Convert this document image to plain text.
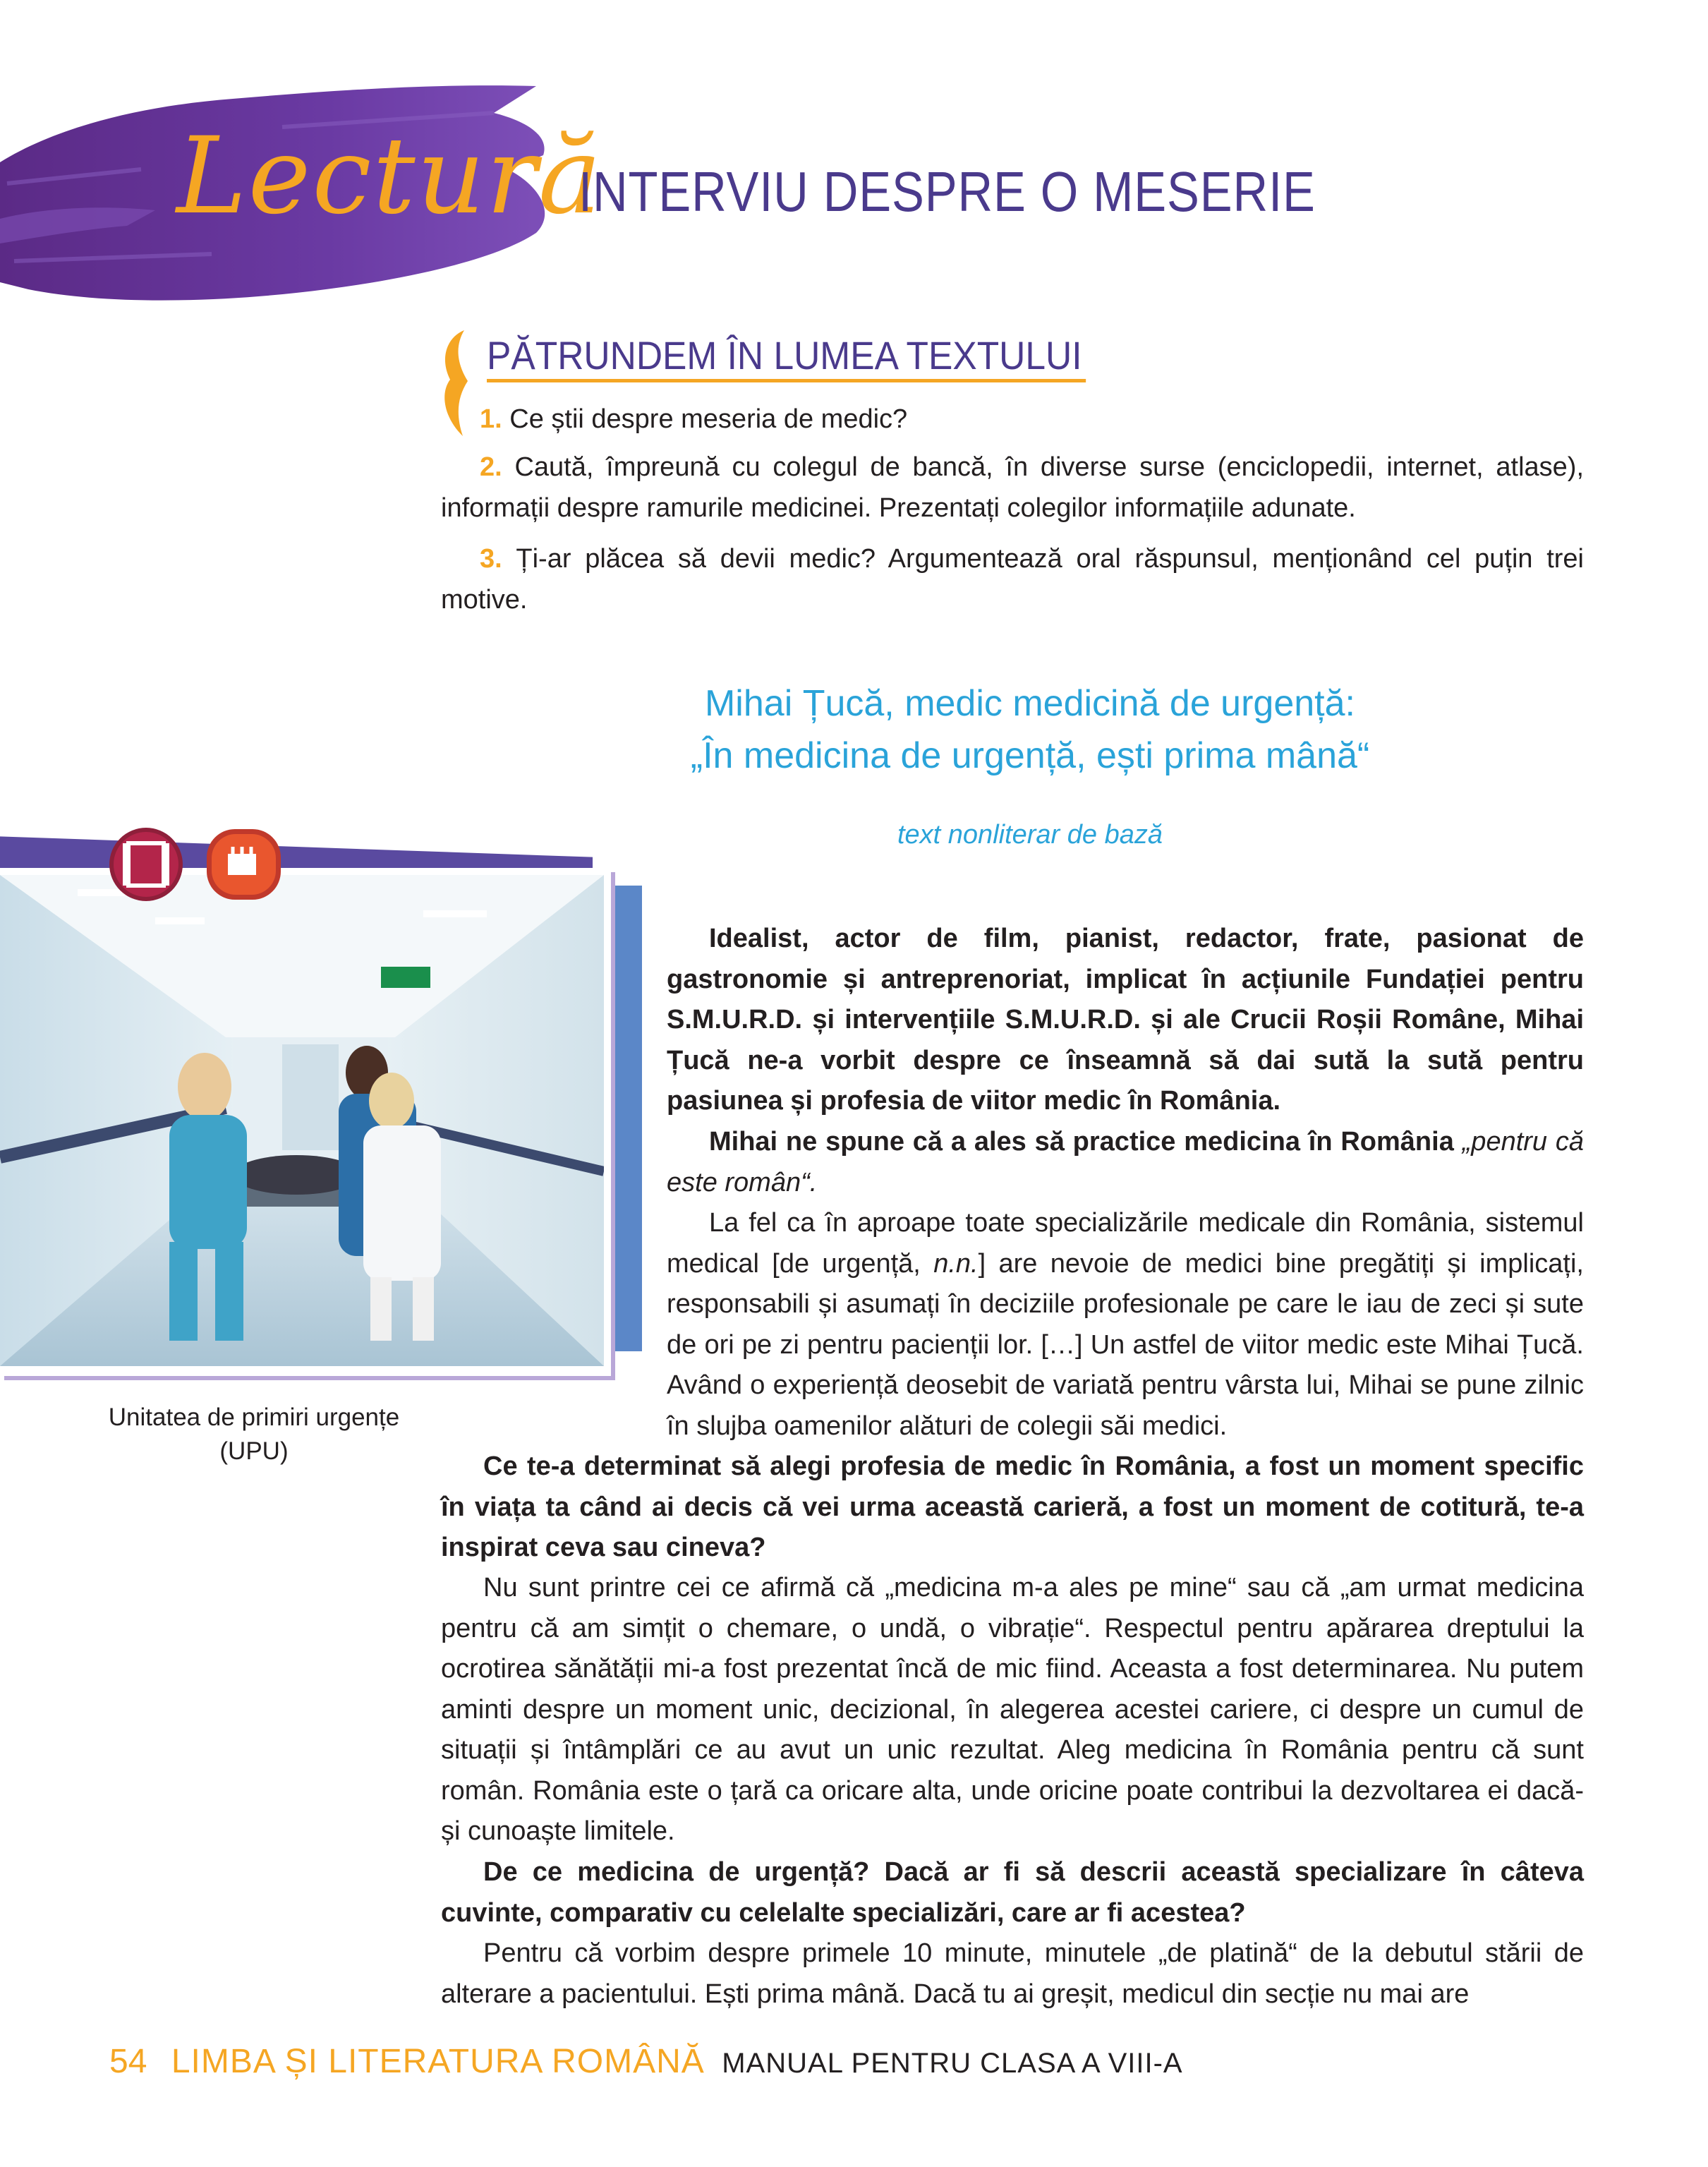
Lectură
INTERVIU DESPRE O MESERIE
PĂTRUNDEM ÎN LUMEA TEXTULUI
1. Ce știi despre meseria de medic?
2. Caută, împreună cu colegul de bancă, în diverse surse (enciclopedii, internet, atlase), informații despre ramurile medicinei. Prezentați colegilor informațiile adunate.
3. Ți-ar plăcea să devii medic? Argumentează oral răspunsul, menționând cel puțin trei motive.
Mihai Țucă, medic medicină de urgență:
„În medicina de urgență, ești prima mână“
text nonliterar de bază
Unitatea de primiri urgențe
(UPU)
Idealist, actor de film, pianist, redactor, frate, pasionat de gastronomie și antreprenoriat, implicat în acțiunile Fundației pentru S.M.U.R.D. și intervențiile S.M.U.R.D. și ale Crucii Roșii Române, Mihai Țucă ne-a vorbit despre ce înseamnă să dai sută la sută pentru pasiunea și profesia de viitor medic în România.
Mihai ne spune că a ales să practice medicina în România „pentru că este român“.
La fel ca în aproape toate specializările medicale din România, sistemul medical [de urgență, n.n.] are nevoie de medici bine pregătiți și implicați, responsabili și asumați în deciziile profesionale pe care le iau de zeci și sute de ori pe zi pentru pacienții lor. […] Un astfel de viitor medic este Mihai Țucă. Având o experiență deosebit de variată pentru vârsta lui, Mihai se pune zilnic în slujba oamenilor alături de colegii săi medici.
Ce te-a determinat să alegi profesia de medic în România, a fost un moment specific în viața ta când ai decis că vei urma această carieră, a fost un moment de cotitură, te-a inspirat ceva sau cineva?
Nu sunt printre cei ce afirmă că „medicina m-a ales pe mine“ sau că „am urmat medicina pentru că am simțit o chemare, o undă, o vibrație“. Respectul pentru apărarea dreptului la ocrotirea sănătății mi-a fost prezentat încă de mic fiind. Aceasta a fost determinarea. Nu putem aminti despre un moment unic, decizional, în alegerea acestei cariere, ci despre un cumul de situații și întâmplări ce au avut un unic rezultat. Aleg medicina în România pentru că sunt român. România este o țară ca oricare alta, unde oricine poate contribui la dezvoltarea ei dacă-și cunoaște limitele.
De ce medicina de urgență? Dacă ar fi să descrii această specializare în câteva cuvinte, comparativ cu celelalte specializări, care ar fi acestea?
Pentru că vorbim despre primele 10 minute, minutele „de platină“ de la debutul stării de alterare a pacientului. Ești prima mână. Dacă tu ai greșit, medicul din secție nu mai are
54 LIMBA ȘI LITERATURA ROMÂNĂ MANUAL PENTRU CLASA A VIII-A
